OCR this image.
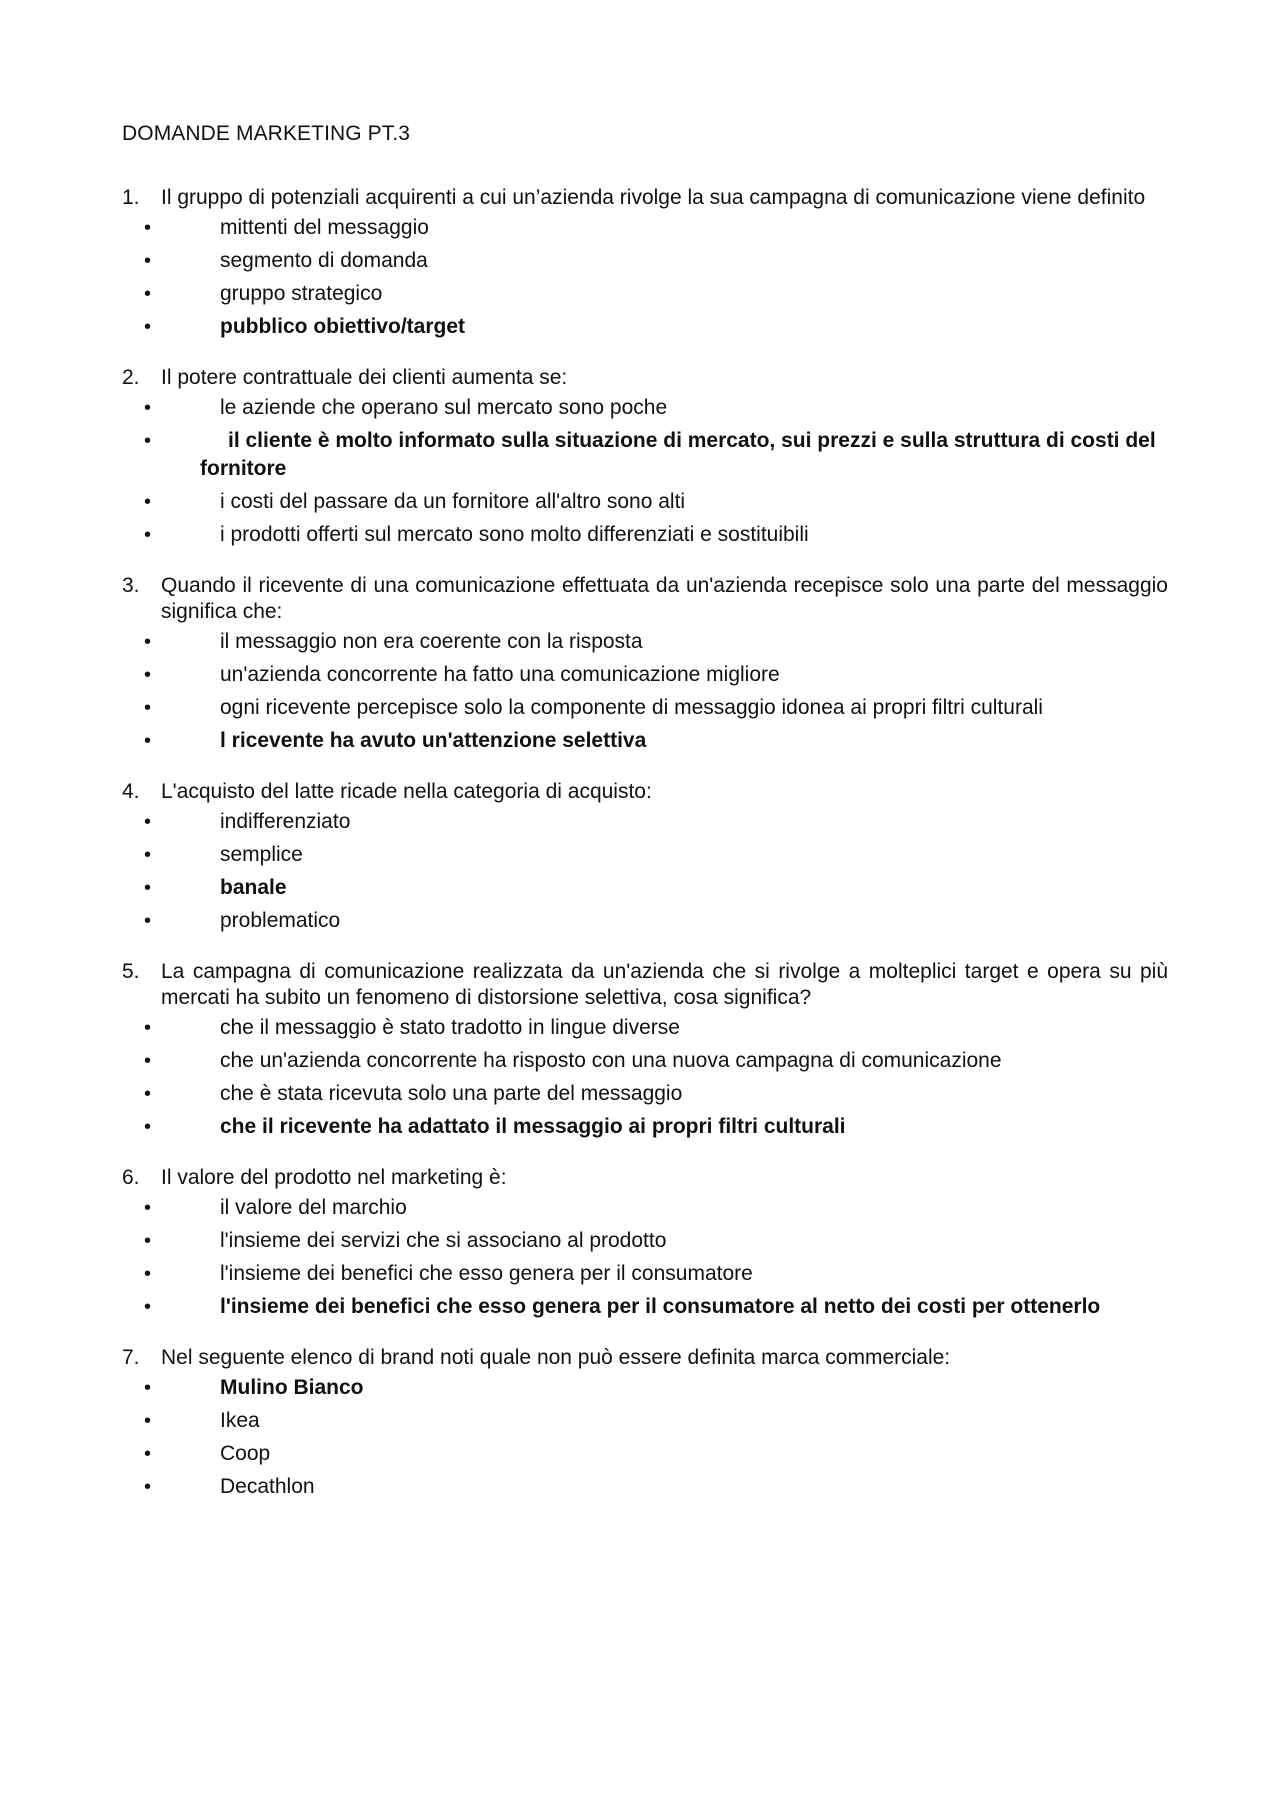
DOMANDE MARKETING PT.3
1.	Il gruppo di potenziali acquirenti a cui un’azienda rivolge la sua campagna di comunicazione viene definito
•	mittenti del messaggio
•	segmento di domanda
•	gruppo strategico
•	pubblico obiettivo/target
2.	Il potere contrattuale dei clienti aumenta se:
•	le aziende che operano sul mercato sono poche
•	il cliente è molto informato sulla situazione di mercato, sui prezzi e sulla struttura di costi del
fornitore
•	i costi del passare da un fornitore all'altro sono alti
•	i prodotti offerti sul mercato sono molto differenziati e sostituibili
3.	Quando il ricevente di una comunicazione effettuata da un'azienda recepisce solo una parte del messaggio significa che:
•	il messaggio non era coerente con la risposta
•	un'azienda concorrente ha fatto una comunicazione migliore
•	ogni ricevente percepisce solo la componente di messaggio idonea ai propri filtri culturali
•	l ricevente ha avuto un'attenzione selettiva
4.	L'acquisto del latte ricade nella categoria di acquisto:
•	indifferenziato
•	semplice
•	banale
•	problematico
5.	La campagna di comunicazione realizzata da un'azienda che si rivolge a molteplici target e opera su più mercati ha subito un fenomeno di distorsione selettiva, cosa significa?
•	che il messaggio è stato tradotto in lingue diverse
•	che un'azienda concorrente ha risposto con una nuova campagna di comunicazione
•	che è stata ricevuta solo una parte del messaggio
•	che il ricevente ha adattato il messaggio ai propri filtri culturali
6.	Il valore del prodotto nel marketing è:
•	il valore del marchio
•	l'insieme dei servizi che si associano al prodotto
•	l'insieme dei benefici che esso genera per il consumatore
•	l'insieme dei benefici che esso genera per il consumatore al netto dei costi per ottenerlo
7.	Nel seguente elenco di brand noti quale non può essere definita marca commerciale:
•	Mulino Bianco
•	Ikea
•	Coop
•	Decathlon
